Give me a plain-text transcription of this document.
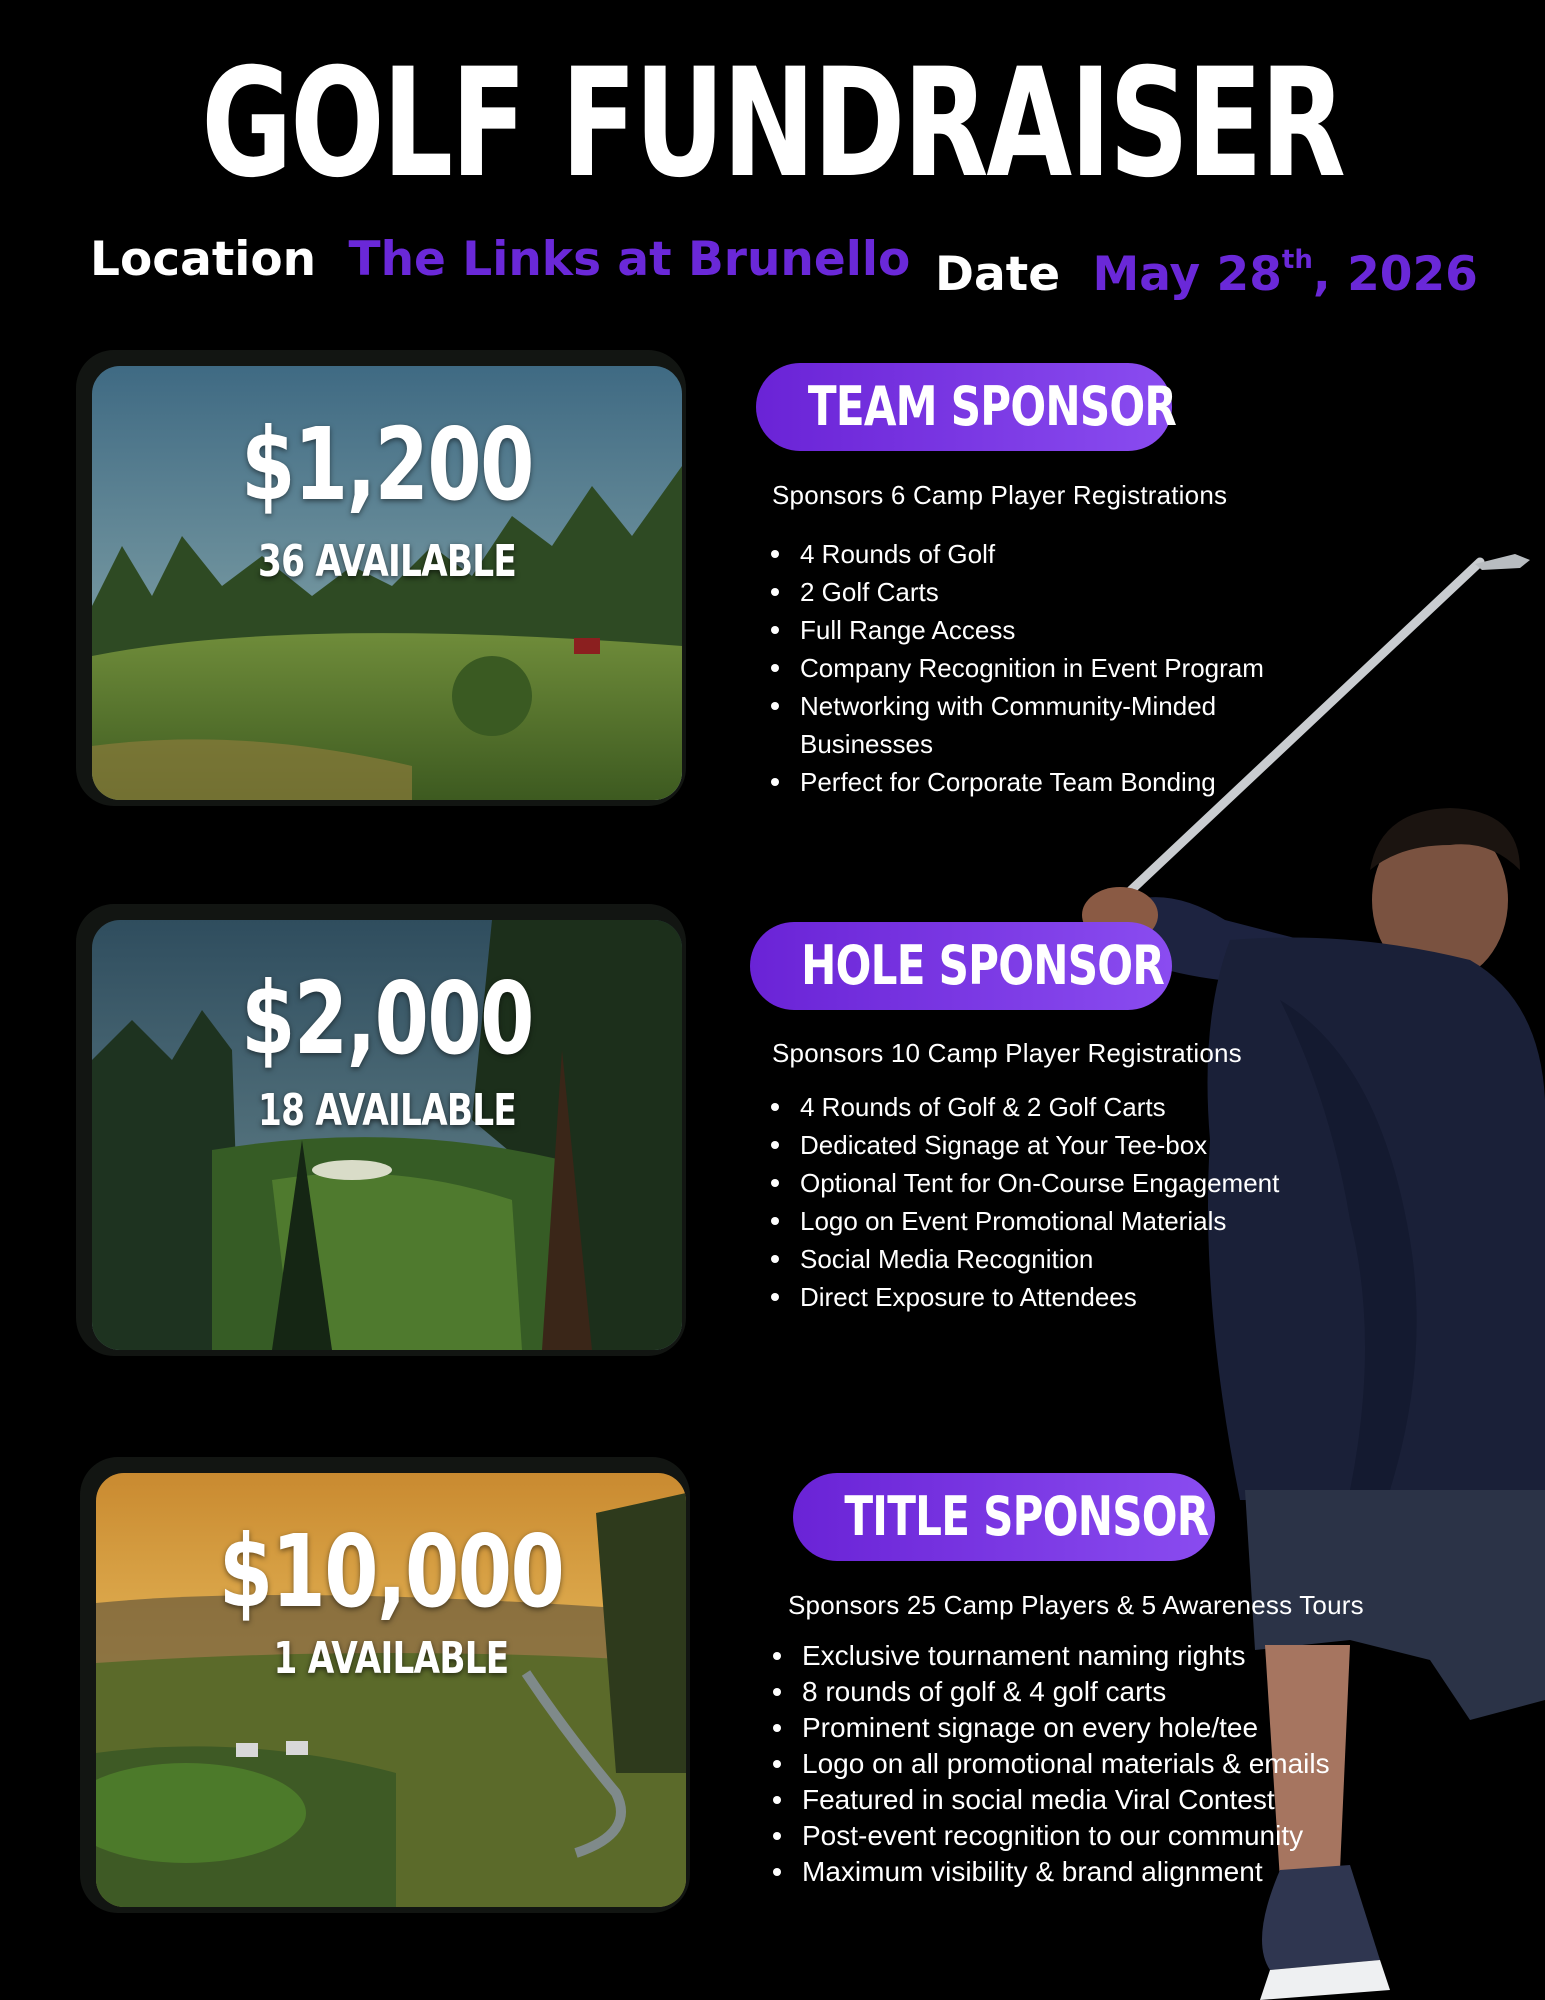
GOLF FUNDRAISER
Location The Links at Brunello Date May 28th, 2026
$1,200
36 AVAILABLE
TEAM SPONSOR
Sponsors 6 Camp Player Registrations
4 Rounds of Golf
2 Golf Carts
Full Range Access
Company Recognition in Event Program
Networking with Community-Minded Businesses
Perfect for Corporate Team Bonding
$2,000
18 AVAILABLE
HOLE SPONSOR
Sponsors 10 Camp Player Registrations
4 Rounds of Golf & 2 Golf Carts
Dedicated Signage at Your Tee-box
Optional Tent for On-Course Engagement
Logo on Event Promotional Materials
Social Media Recognition
Direct Exposure to Attendees
$10,000
1 AVAILABLE
TITLE SPONSOR
Sponsors 25 Camp Players & 5 Awareness Tours
Exclusive tournament naming rights
8 rounds of golf & 4 golf carts
Prominent signage on every hole/tee
Logo on all promotional materials & emails
Featured in social media Viral Contest
Post-event recognition to our community
Maximum visibility & brand alignment
